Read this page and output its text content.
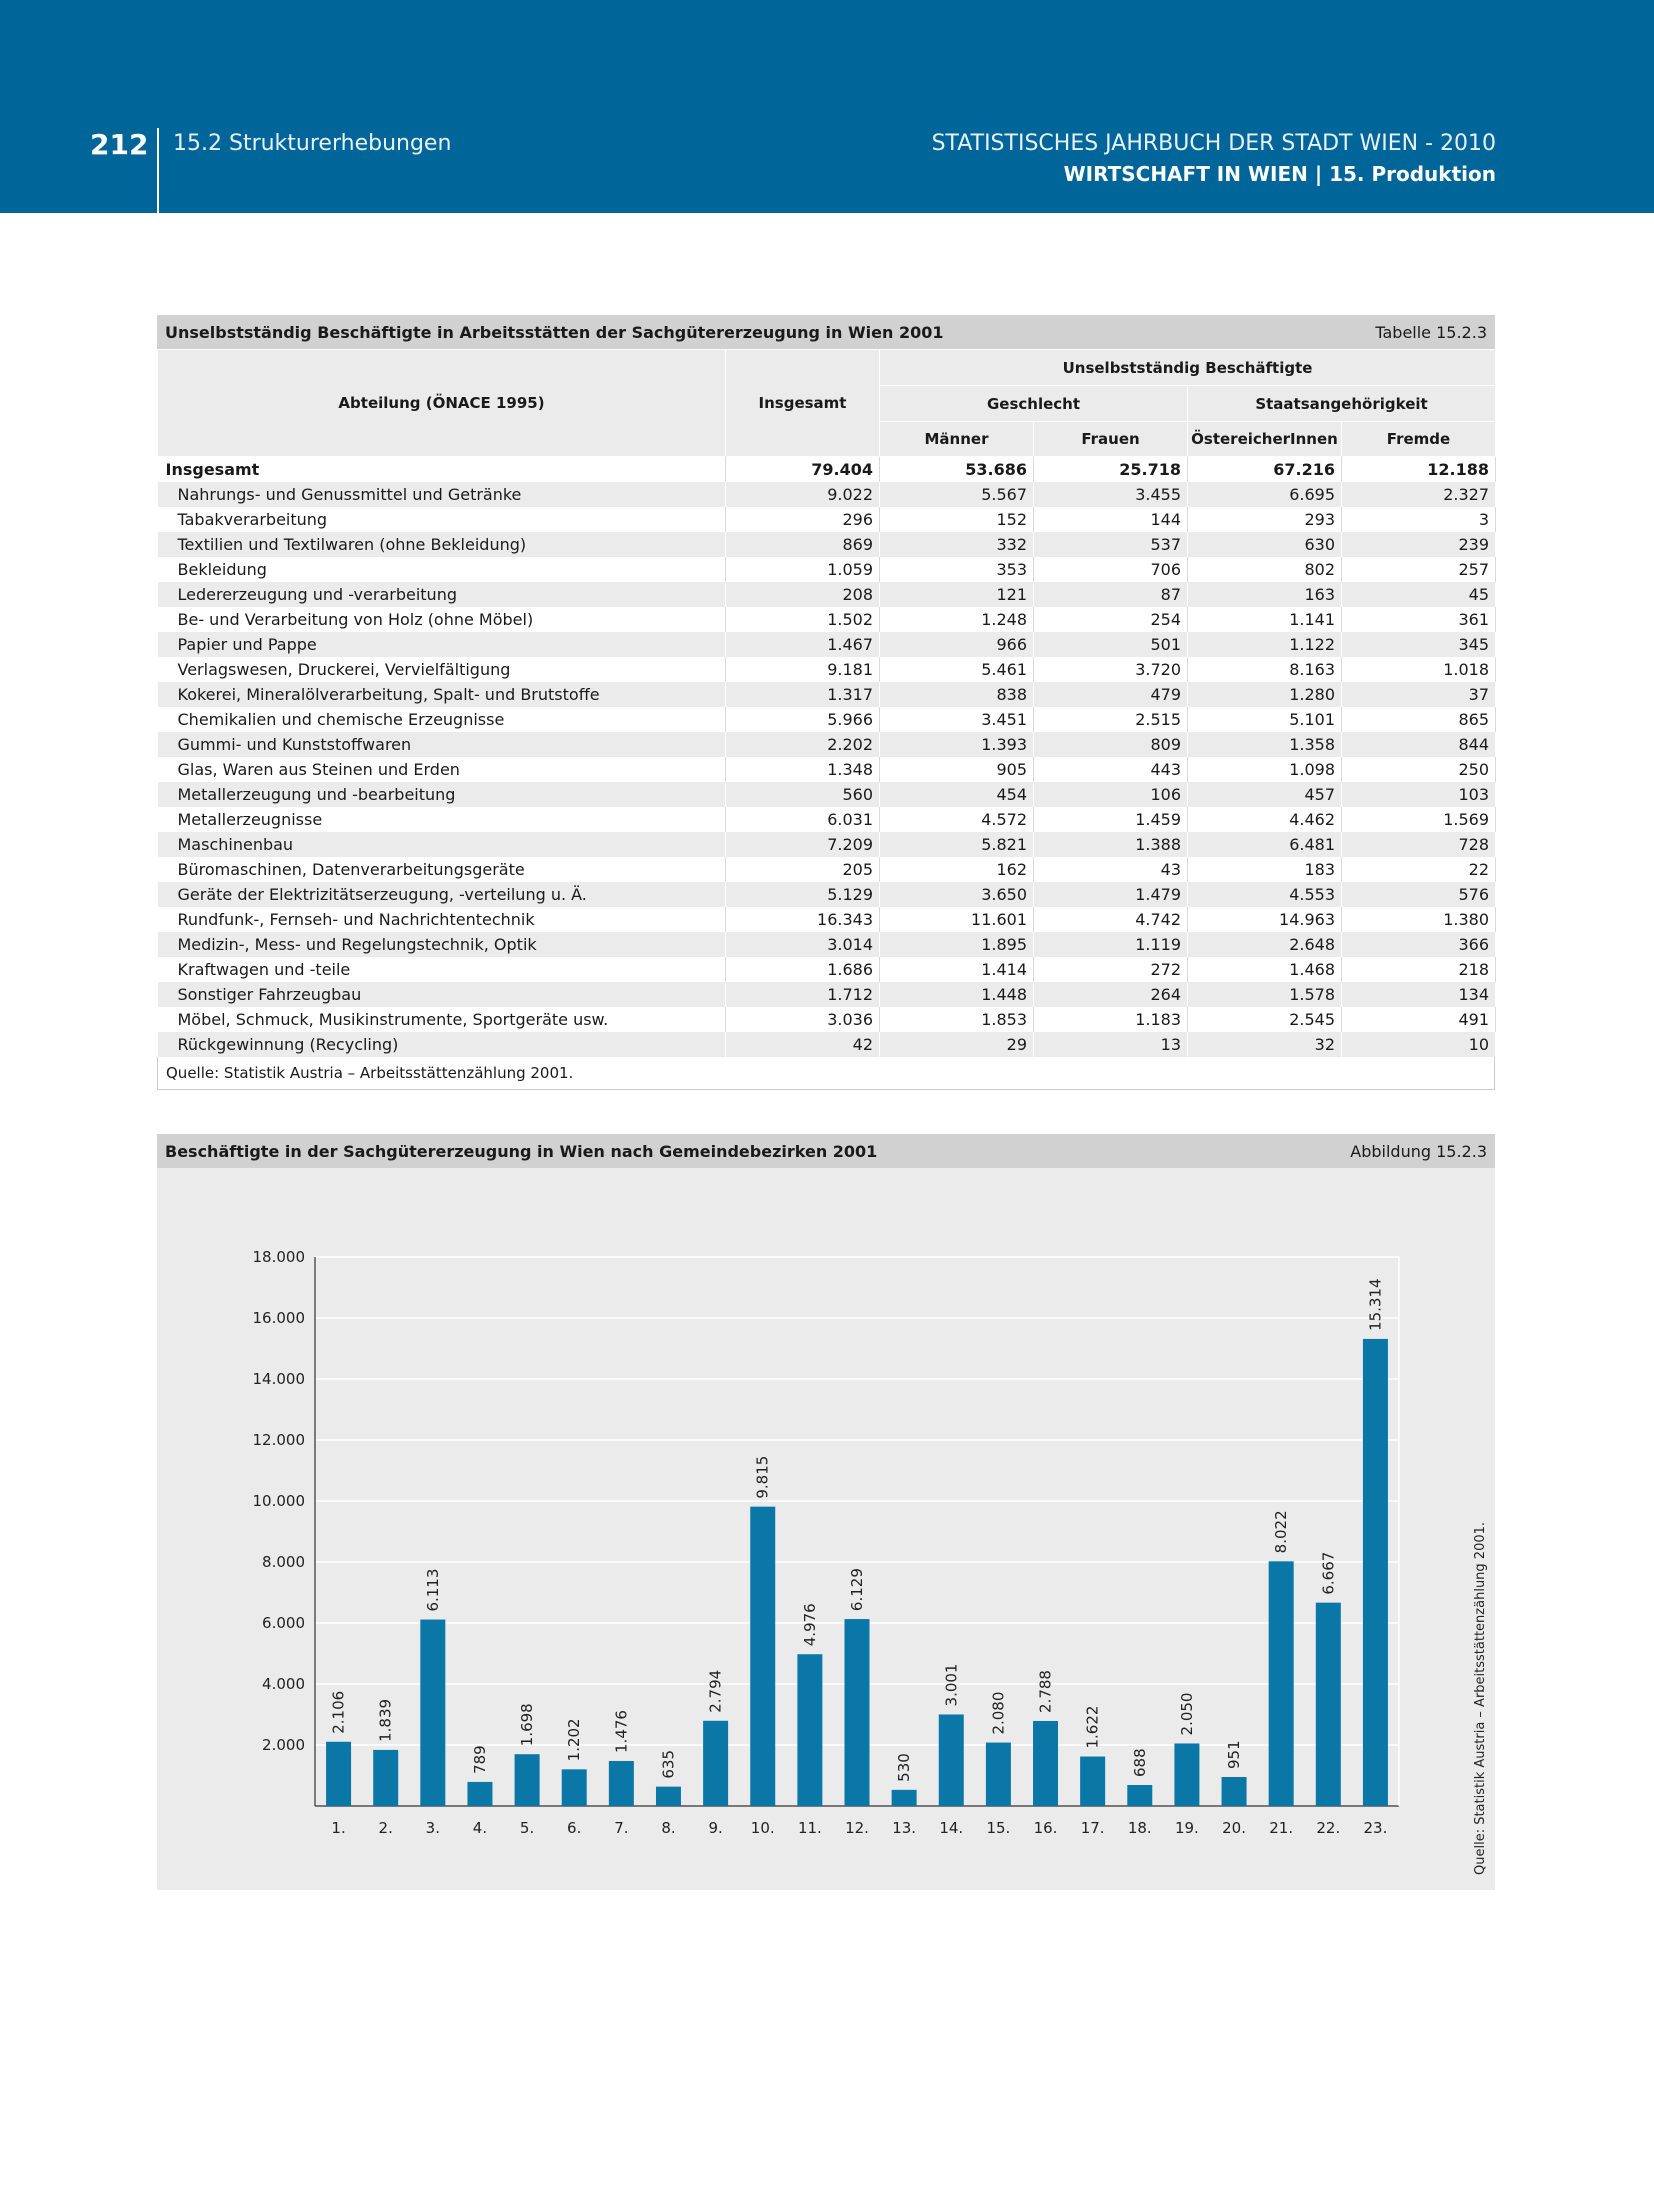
212 15.2 Strukturerhebungen	STATISTISCHES JAHRBUCH DER STADT WIEN - 2010
WIRTSCHAFT IN WIEN | 15. Produktion
Unselbstständig Beschäftigte in Arbeitsstätten der Sachgütererzeugung in Wien 2001	Tabelle 15.2.3
Abteilung (ÖNACE 1995)	Insgesamt	Unselbstständig Beschäftigte			
		Geschlecht		Staatsangehörigkeit	
		Männer	Frauen	ÖstereicherInnen	Fremde
Insgesamt	79.404	53.686	25.718	67.216	12.188
Nahrungs- und Genussmittel und Getränke	9.022	5.567	3.455	6.695	2.327
Tabakverarbeitung	296	152	144	293	3
Textilien und Textilwaren (ohne Bekleidung)	869	332	537	630	239
Bekleidung	1.059	353	706	802	257
Ledererzeugung und -verarbeitung	208	121	87	163	45
Be- und Verarbeitung von Holz (ohne Möbel)	1.502	1.248	254	1.141	361
Papier und Pappe	1.467	966	501	1.122	345
Verlagswesen, Druckerei, Vervielfältigung	9.181	5.461	3.720	8.163	1.018
Kokerei, Mineralölverarbeitung, Spalt- und Brutstoffe	1.317	838	479	1.280	37
Chemikalien und chemische Erzeugnisse	5.966	3.451	2.515	5.101	865
Gummi- und Kunststoffwaren	2.202	1.393	809	1.358	844
Glas, Waren aus Steinen und Erden	1.348	905	443	1.098	250
Metallerzeugung und -bearbeitung	560	454	106	457	103
Metallerzeugnisse	6.031	4.572	1.459	4.462	1.569
Maschinenbau	7.209	5.821	1.388	6.481	728
Büromaschinen, Datenverarbeitungsgeräte	205	162	43	183	22
Geräte der Elektrizitätserzeugung, -verteilung u. Ä.	5.129	3.650	1.479	4.553	576
Rundfunk-, Fernseh- und Nachrichtentechnik	16.343	11.601	4.742	14.963	1.380
Medizin-, Mess- und Regelungstechnik, Optik	3.014	1.895	1.119	2.648	366
Kraftwagen und -teile	1.686	1.414	272	1.468	218
Sonstiger Fahrzeugbau	1.712	1.448	264	1.578	134
Möbel, Schmuck, Musikinstrumente, Sportgeräte usw.	3.036	1.853	1.183	2.545	491
Rückgewinnung (Recycling)	42	29	13	32	10
Quelle: Statistik Austria – Arbeitsstättenzählung 2001.
Beschäftigte in der Sachgütererzeugung in Wien nach Gemeindebezirken 2001	Abbildung 15.2.3
2.000
4.000
6.000
8.000
10.000
12.000
14.000
16.000
18.000
2.106
1.
1.839
2.
6.113
3.
789
4.
1.698
5.
1.202
6.
1.476
7.
635
8.
2.794
9.
9.815
10.
4.976
11.
6.129
12.
530
13.
3.001
14.
2.080
15.
2.788
16.
1.622
17.
688
18.
2.050
19.
951
20.
8.022
21.
6.667
22.
15.314
23.	Quelle: Statistik Austria – Arbeitsstättenzählung 2001.
